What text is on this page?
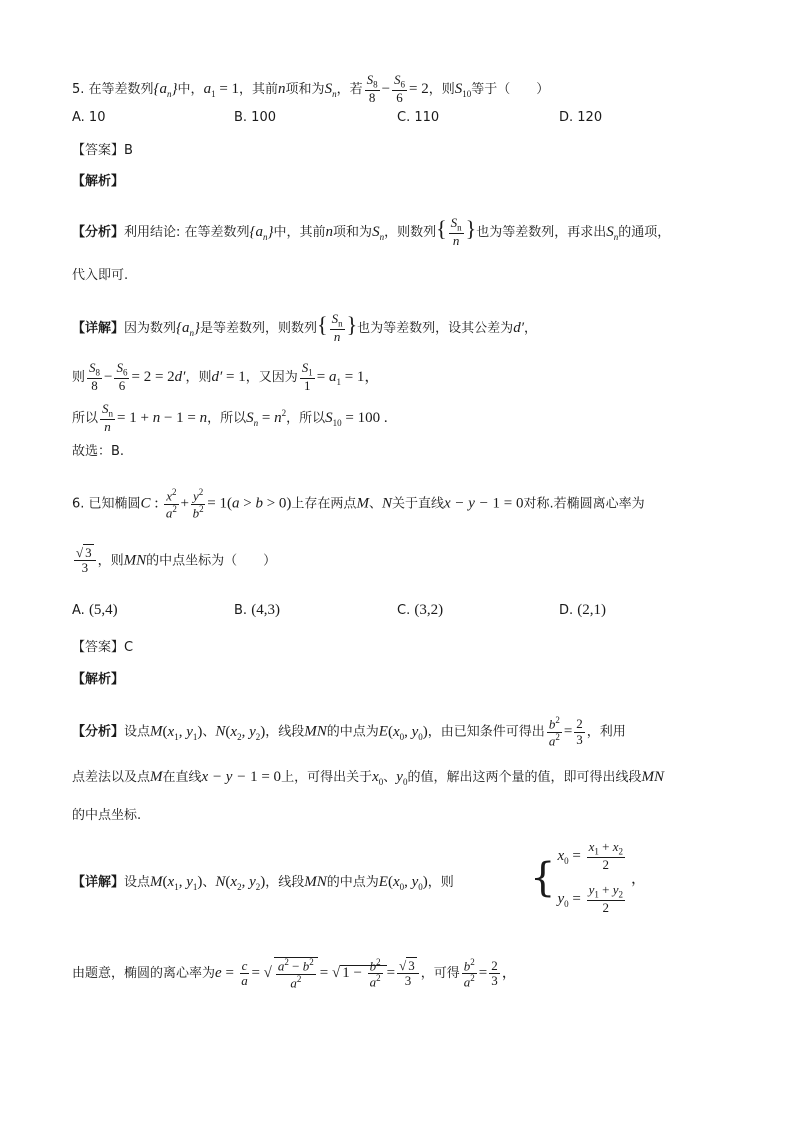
5. 在等差数列$\{a_n\}$中，$a_1 = 1$，其前n项和为$S_n$，若 $\frac{S_8}{8} - \frac{S_6}{6} = 2$，则$S_{10}$等于（　　）
A. 10	B. 100	C. 110	D. 120
【答案】B
【解析】
【分析】利用结论: 在等差数列$\{a_n\}$中，其前n项和为$S_n$，则数列{ $\frac{S_n}{n}$ }也为等差数列，再求出$S_n$的通项，
代入即可.
【详解】因为数列$\{a_n\}$是等差数列，则数列{ $\frac{S_n}{n}$ }也为等差数列，设其公差为d′，
则 $\frac{S_8}{8} - \frac{S_6}{6} = 2 = 2d'$，则d′ = 1，又因为 $\frac{S_1}{1} = a_1 = 1$，
所以 $\frac{S_n}{n} = 1 + n - 1 = n$，所以$S_n = n^2$，所以$S_{10} = 100$ .
故选：B.
6. 已知椭圆C : $\frac{x^2}{a^2} + \frac{y^2}{b^2} = 1(a > b > 0)$上存在两点M、N关于直线x − y − 1 = 0对称.若椭圆离心率为
$\frac{√ 3}{3}$ ，则MN的中点坐标为（　　）
A. (5,4)	B. (4,3)	C. (3,2)	D. (2,1)
【答案】C
【解析】
【分析】设点$M(x_1$, $y_1$)、$N(x_2$, $y_2$)，线段MN的中点为$E(x_0$, $y_0$)，由已知条件可得出 $\frac{b^2}{a^2} = \frac{2}{3}$ ，利用
点差法以及点M在直线x − y − 1 = 0上，可得出关于$x_0$、$y_0$的值，解出这两个量的值，即可得出线段MN
的中点坐标.
【详解】设点$M(x_1$, $y_1$)、$N(x_2$, $y_2$)，线段MN的中点为$E(x_0$, $y_0$)，则 { $x_0 = \frac{x_1 + x_2}{2}$
$y_0 = \frac{y_1 + y_2}{2}$
，
由题意，椭圆的离心率为$e = \frac{c}{a}$ = √ $\frac{a^2 - b^2}{a^2}$ = √ $1 - \frac{b^2}{a^2} = \frac{√ 3}{3}$ ，可得 $\frac{b^2}{a^2} = \frac{2}{3}$ ，
